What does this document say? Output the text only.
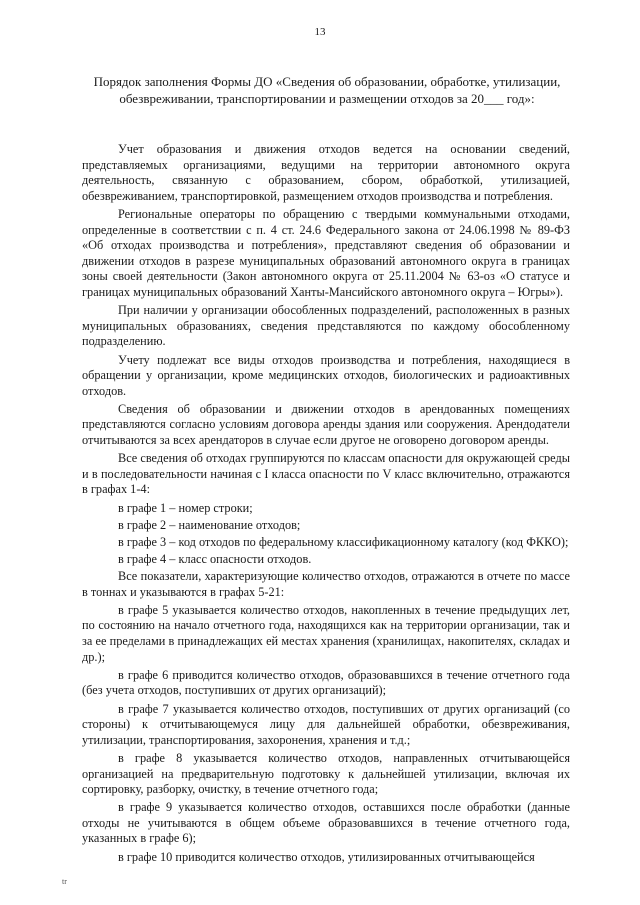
13
Порядок заполнения Формы ДО «Сведения об образовании, обработке, утилизации, обезвреживании, транспортировании и размещении отходов за 20___ год»:

Учет образования и движения отходов ведется на основании сведений, представляемых организациями, ведущими на территории автономного округа деятельность, связанную с образованием, сбором, обработкой, утилизацией, обезвреживанием, транспортировкой, размещением отходов производства и потребления.

Региональные операторы по обращению с твердыми коммунальными отходами, определенные в соответствии с п. 4 ст. 24.6 Федерального закона от 24.06.1998 № 89-ФЗ «Об отходах производства и потребления», представляют сведения об образовании и движении отходов в разрезе муниципальных образований автономного округа в границах зоны своей деятельности (Закон автономного округа от 25.11.2004 № 63-оз «О статусе и границах муниципальных образований Ханты-Мансийского автономного округа – Югры»).

При наличии у организации обособленных подразделений, расположенных в разных муниципальных образованиях, сведения представляются по каждому обособленному подразделению.

Учету подлежат все виды отходов производства и потребления, находящиеся в обращении у организации, кроме медицинских отходов, биологических и радиоактивных отходов.

Сведения об образовании и движении отходов в арендованных помещениях представляются согласно условиям договора аренды здания или сооружения. Арендодатели отчитываются за всех арендаторов в случае если другое не оговорено договором аренды.

Все сведения об отходах группируются по классам опасности для окружающей среды и в последовательности начиная с I класса опасности по V класс включительно, отражаются в графах 1-4:

в графе 1 – номер строки;

в графе 2 – наименование отходов;

в графе 3 – код отходов по федеральному классификационному каталогу (код ФККО);

в графе 4 – класс опасности отходов.

Все показатели, характеризующие количество отходов, отражаются в отчете по массе в тоннах и указываются в графах 5-21:

в графе 5 указывается количество отходов, накопленных в течение предыдущих лет, по состоянию на начало отчетного года, находящихся как на территории организации, так и за ее пределами в принадлежащих ей местах хранения (хранилищах, накопителях, складах и др.);

в графе 6 приводится количество отходов, образовавшихся в течение отчетного года (без учета отходов, поступивших от других организаций);

в графе 7 указывается количество отходов, поступивших от других организаций (со стороны) к отчитывающемуся лицу для дальнейшей обработки, обезвреживания, утилизации, транспортирования, захоронения, хранения и т.д.;

в графе 8 указывается количество отходов, направленных отчитывающейся организацией на предварительную подготовку к дальнейшей утилизации, включая их сортировку, разборку, очистку, в течение отчетного года;

в графе 9 указывается количество отходов, оставшихся после обработки (данные отходы не учитываются в общем объеме образовавшихся в течение отчетного года, указанных в графе 6);

в графе 10 приводится количество отходов, утилизированных отчитывающейся

tr
